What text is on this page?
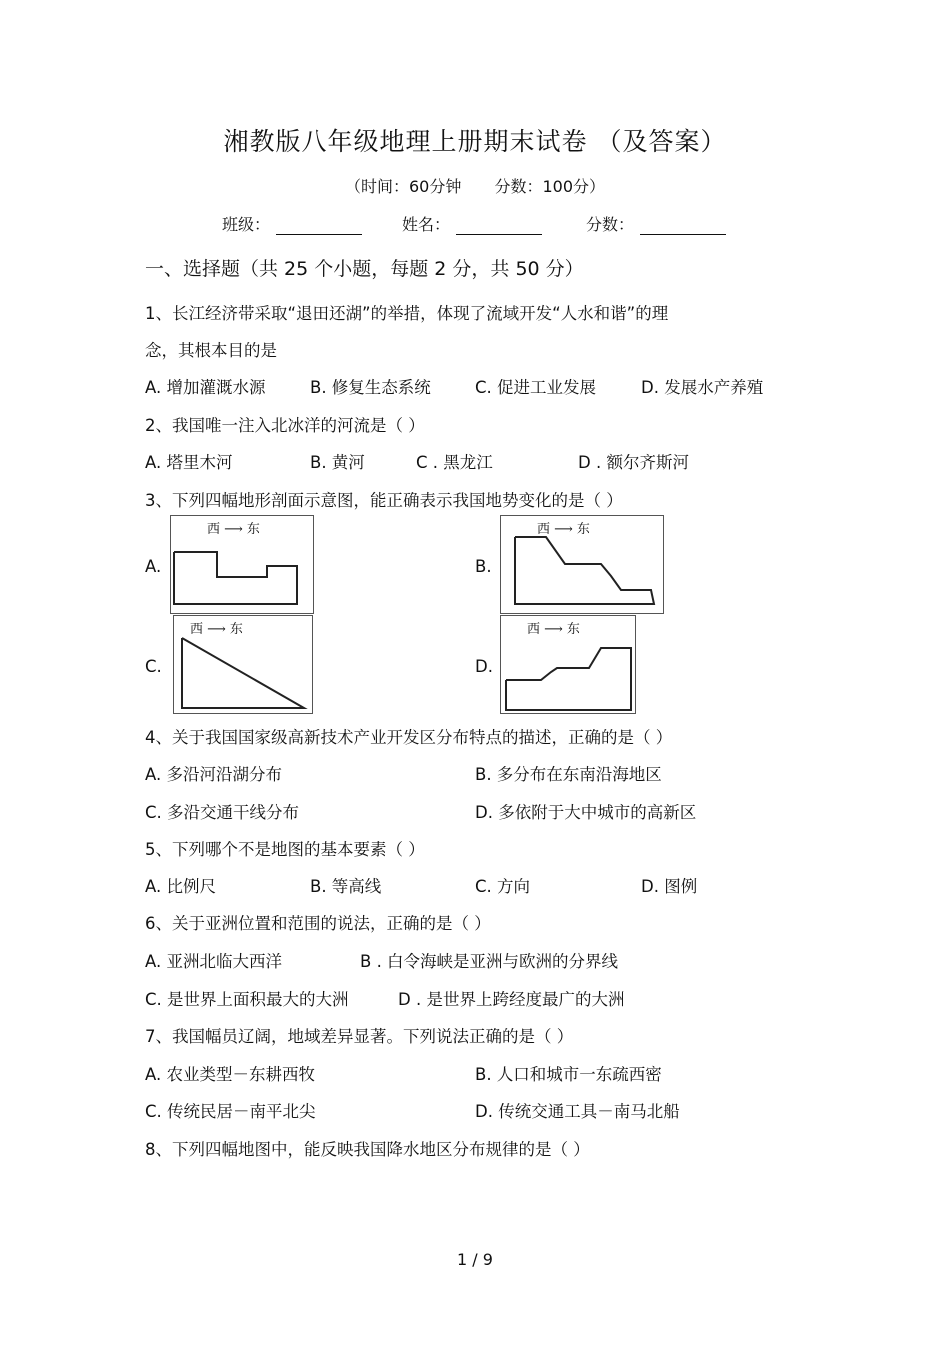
湘教版八年级地理上册期末试卷 （及答案）
（时间：60分钟 分数：100分）
班级：	姓名：	分数：
一、选择题（共 25 个小题，每题 2 分，共 50 分）
1、长江经济带采取“退田还湖”的举措，体现了流域开发“人水和谐”的理
念，其根本目的是
A. 增加灌溉水源	B. 修复生态系统	C. 促进工业发展	D. 发展水产养殖
2、我国唯一注入北冰洋的河流是（ ）
A. 塔里木河	B. 黄河	C . 黑龙江	D . 额尔齐斯河
3、下列四幅地形剖面示意图，能正确表示我国地势变化的是（ ）
A.
西 ⟶ 东
B.
西 ⟶ 东
C.
西 ⟶ 东
D.
西 ⟶ 东
4、关于我国国家级高新技术产业开发区分布特点的描述，正确的是（ ）
A. 多沿河沿湖分布	B. 多分布在东南沿海地区
C. 多沿交通干线分布	D. 多依附于大中城市的高新区
5、下列哪个不是地图的基本要素（ ）
A. 比例尺	B. 等高线	C. 方向	D. 图例
6、关于亚洲位置和范围的说法，正确的是（ ）
A. 亚洲北临大西洋	B . 白令海峡是亚洲与欧洲的分界线
C. 是世界上面积最大的大洲	D . 是世界上跨经度最广的大洲
7、我国幅员辽阔，地域差异显著。下列说法正确的是（ ）
A. 农业类型－东耕西牧	B. 人口和城市一东疏西密
C. 传统民居－南平北尖	D. 传统交通工具－南马北船
8、下列四幅地图中，能反映我国降水地区分布规律的是（ ）
1 / 9
